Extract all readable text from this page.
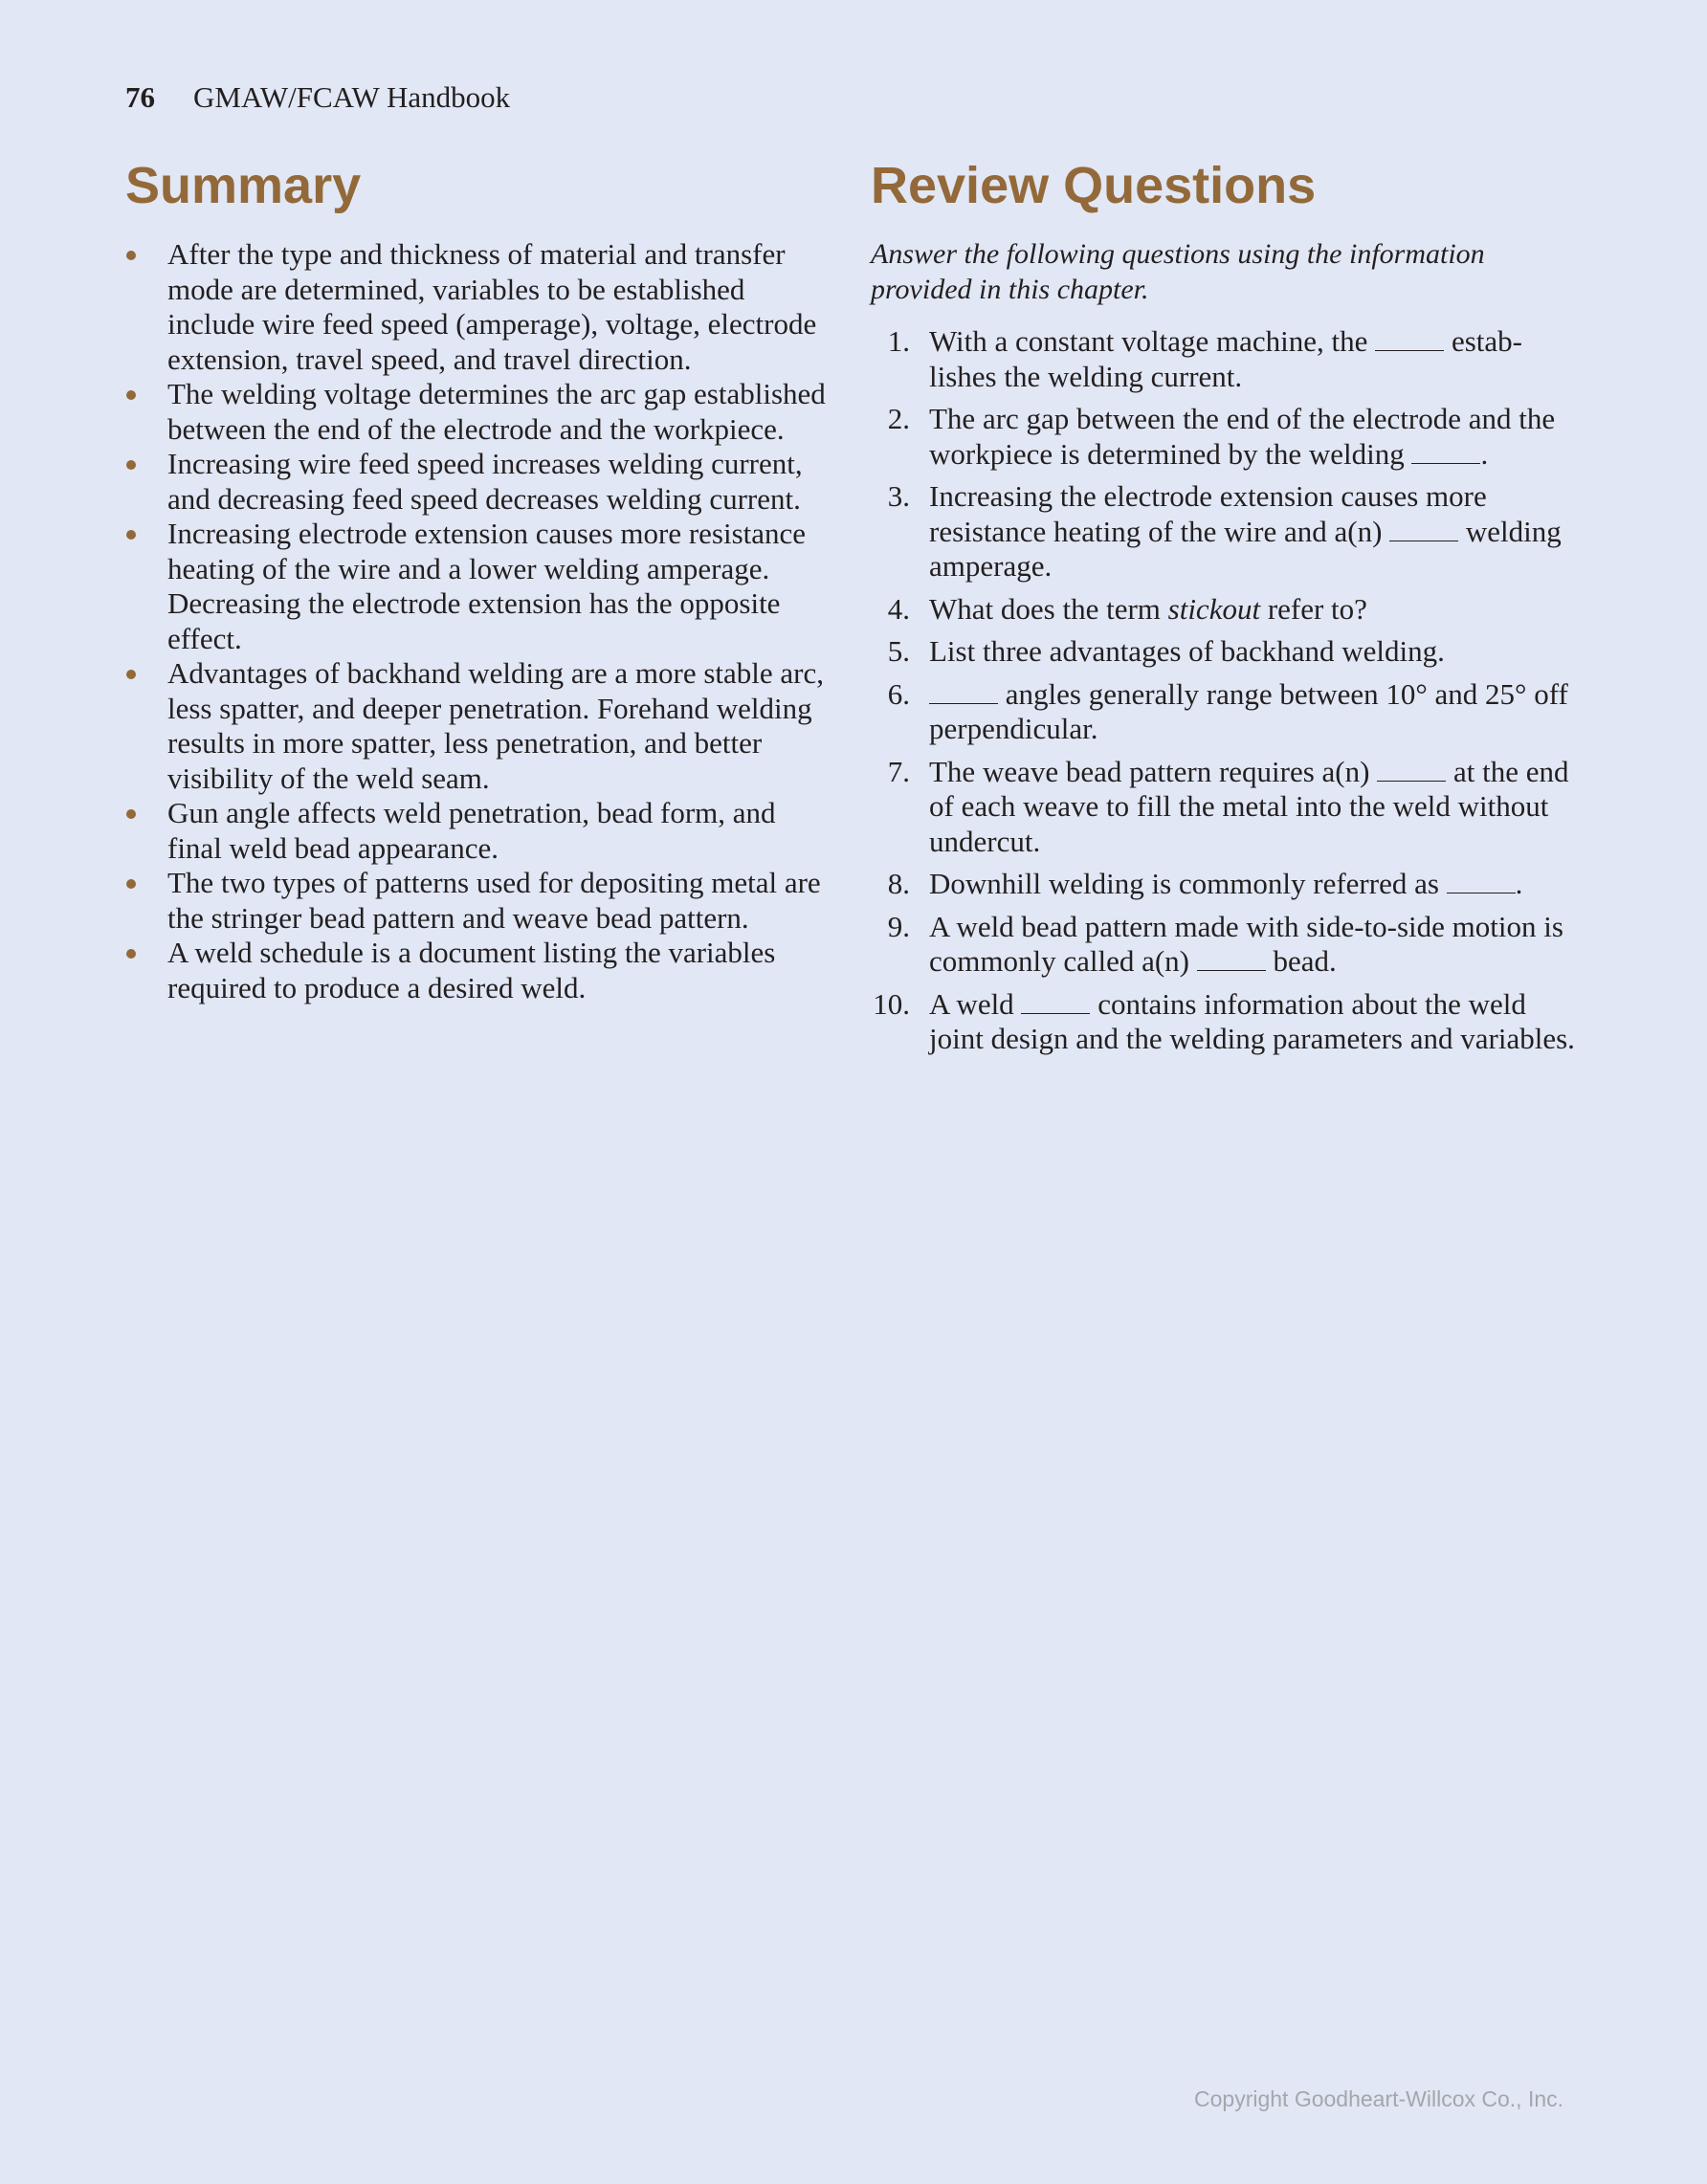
76 GMAW/FCAW Handbook
Summary
After the type and thickness of material and transfer mode are determined, variables to be established include wire feed speed (amperage), voltage, electrode extension, travel speed, and travel direction.
The welding voltage determines the arc gap established between the end of the electrode and the workpiece.
Increasing wire feed speed increases welding current, and decreasing feed speed decreases welding current.
Increasing electrode extension causes more resistance heating of the wire and a lower welding amperage. Decreasing the electrode extension has the opposite effect.
Advantages of backhand welding are a more stable arc, less spatter, and deeper penetration. Forehand welding results in more spatter, less penetration, and better visibility of the weld seam.
Gun angle affects weld penetration, bead form, and final weld bead appearance.
The two types of patterns used for depositing metal are the stringer bead pattern and weave bead pattern.
A weld schedule is a document listing the variables required to produce a desired weld.
Review Questions

Answer the following questions using the information provided in this chapter.

1. With a constant voltage machine, the	establishes the welding current.
2. The arc gap between the end of the electrode and the workpiece is determined by the welding	.
3. Increasing the electrode extension causes more resistance heating of the wire and a(n)	welding amperage.
4. What does the term stickout refer to?
5. List three advantages of backhand welding.
6.	angles generally range between 10° and 25° off perpendicular.
7. The weave bead pattern requires a(n)	at the end of each weave to fill the metal into the weld without undercut.
8. Downhill welding is commonly referred as	.
9. A weld bead pattern made with side-to-side motion is commonly called a(n)	bead.
10. A weld	contains information about the weld joint design and the welding parameters and variables.
Copyright Goodheart-Willcox Co., Inc.
